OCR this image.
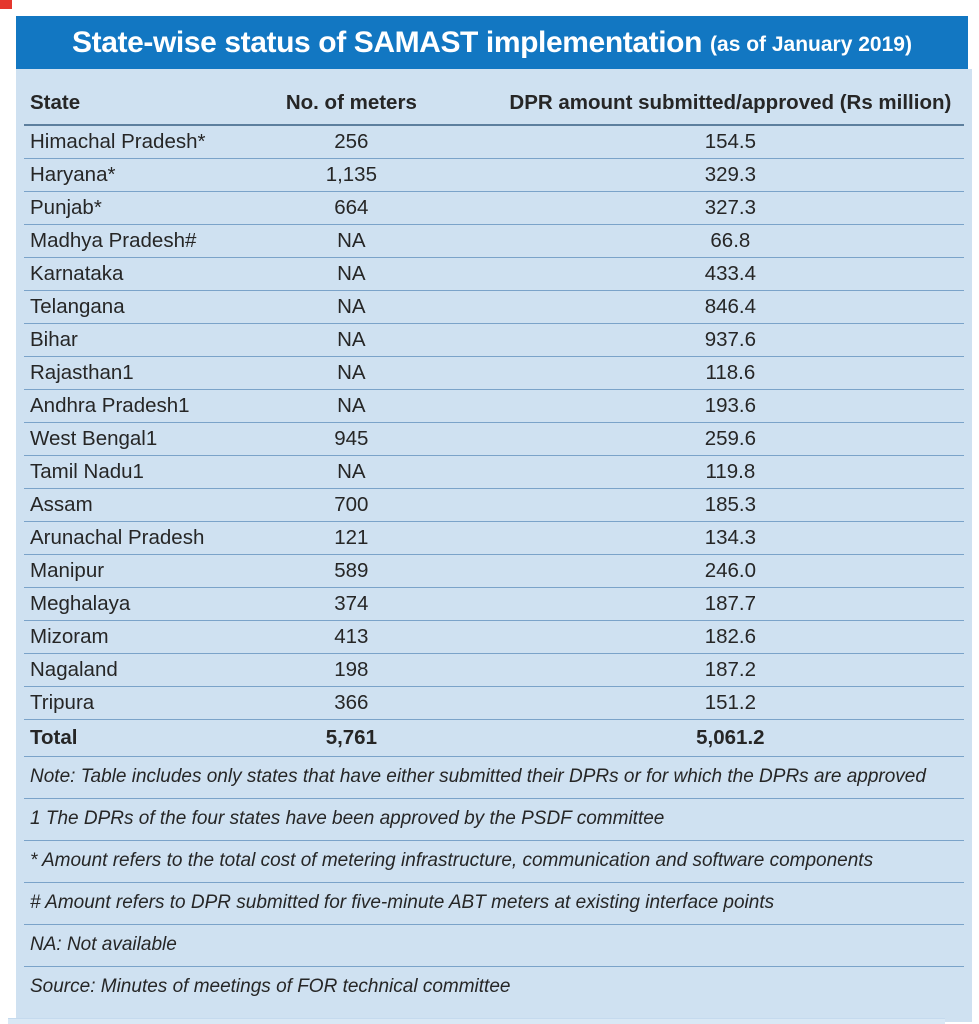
State-wise status of SAMAST implementation (as of January 2019)
State	No. of meters	DPR amount submitted/approved (Rs million)
Himachal Pradesh*	256	154.5
Haryana*	1,135	329.3
Punjab*	664	327.3
Madhya Pradesh#	NA	66.8
Karnataka	NA	433.4
Telangana	NA	846.4
Bihar	NA	937.6
Rajasthan1	NA	118.6
Andhra Pradesh1	NA	193.6
West Bengal1	945	259.6
Tamil Nadu1	NA	119.8
Assam	700	185.3
Arunachal Pradesh	121	134.3
Manipur	589	246.0
Meghalaya	374	187.7
Mizoram	413	182.6
Nagaland	198	187.2
Tripura	366	151.2
Total	5,761	5,061.2
Note: Table includes only states that have either submitted their DPRs or for which the DPRs are approved
1 The DPRs of the four states have been approved by the PSDF committee
* Amount refers to the total cost of metering infrastructure, communication and software components
# Amount refers to DPR submitted for five-minute ABT meters at existing interface points
NA: Not available
Source: Minutes of meetings of FOR technical committee
